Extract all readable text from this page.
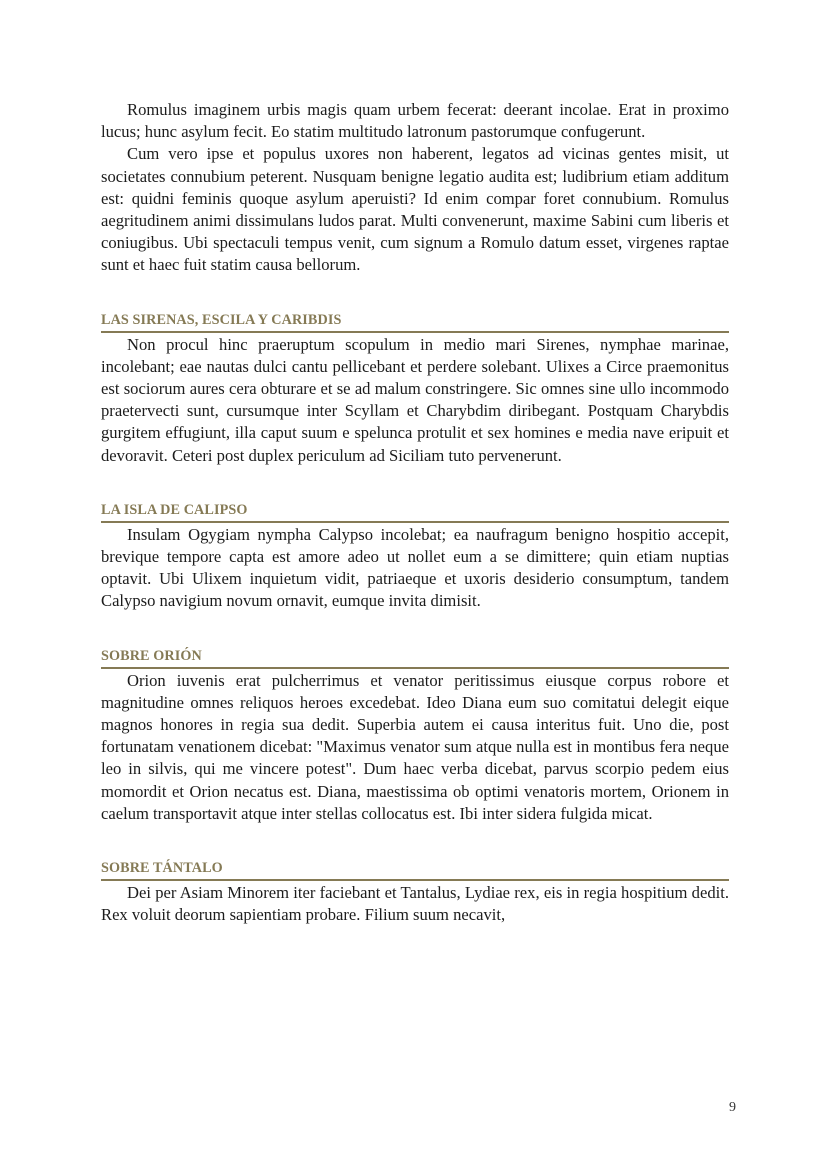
Romulus imaginem urbis magis quam urbem fecerat: deerant incolae. Erat in proximo lucus; hunc asylum fecit. Eo statim multitudo latronum pastorumque confugerunt.

Cum vero ipse et populus uxores non haberent, legatos ad vicinas gentes misit, ut societates connubium peterent. Nusquam benigne legatio audita est; ludibrium etiam additum est: quidni feminis quoque asylum aperuisti? Id enim compar foret connubium. Romulus aegritudinem animi dissimulans ludos parat. Multi convenerunt, maxime Sabini cum liberis et coniugibus. Ubi spectaculi tempus venit, cum signum a Romulo datum esset, virgenes raptae sunt et haec fuit statim causa bellorum.

LAS SIRENAS, ESCILA Y CARIBDIS

Non procul hinc praeruptum scopulum in medio mari Sirenes, nymphae marinae, incolebant; eae nautas dulci cantu pellicebant et perdere solebant. Ulixes a Circe praemonitus est sociorum aures cera obturare et se ad malum constringere. Sic omnes sine ullo incommodo praetervecti sunt, cursumque inter Scyllam et Charybdim diribegant. Postquam Charybdis gurgitem effugiunt, illa caput suum e spelunca protulit et sex homines e media nave eripuit et devoravit. Ceteri post duplex periculum ad Siciliam tuto pervenerunt.

LA ISLA DE CALIPSO

Insulam Ogygiam nympha Calypso incolebat; ea naufragum benigno hospitio accepit, brevique tempore capta est amore adeo ut nollet eum a se dimittere; quin etiam nuptias optavit. Ubi Ulixem inquietum vidit, patriaeque et uxoris desiderio consumptum, tandem Calypso navigium novum ornavit, eumque invita dimisit.

SOBRE ORIÓN

Orion iuvenis erat pulcherrimus et venator peritissimus eiusque corpus robore et magnitudine omnes reliquos heroes excedebat. Ideo Diana eum suo comitatui delegit eique magnos honores in regia sua dedit. Superbia autem ei causa interitus fuit. Uno die, post fortunatam venationem dicebat: "Maximus venator sum atque nulla est in montibus fera neque leo in silvis, qui me vincere potest". Dum haec verba dicebat, parvus scorpio pedem eius momordit et Orion necatus est. Diana, maestissima ob optimi venatoris mortem, Orionem in caelum transportavit atque inter stellas collocatus est. Ibi inter sidera fulgida micat.

SOBRE TÁNTALO

Dei per Asiam Minorem iter faciebant et Tantalus, Lydiae rex, eis in regia hospitium dedit. Rex voluit deorum sapientiam probare. Filium suum necavit,

9
